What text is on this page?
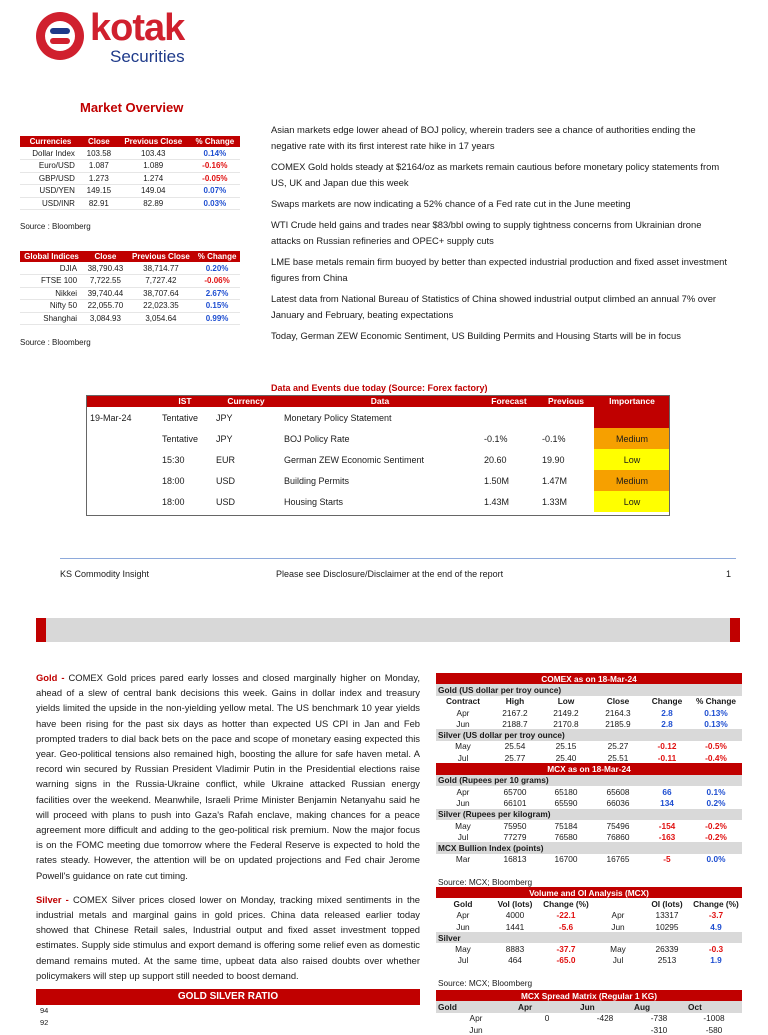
kotak
Securities
Market Overview
Currencies	Close	Previous Close	% Change
Dollar Index	103.58	103.43	0.14%
Euro/USD	1.087	1.089	-0.16%
GBP/USD	1.273	1.274	-0.05%
USD/YEN	149.15	149.04	0.07%
USD/INR	82.91	82.89	0.03%
Source : Bloomberg
Global Indices	Close	Previous Close	% Change
DJIA	38,790.43	38,714.77	0.20%
FTSE 100	7,722.55	7,727.42	-0.06%
Nikkei	39,740.44	38,707.64	2.67%
Nifty 50	22,055.70	22,023.35	0.15%
Shanghai	3,084.93	3,054.64	0.99%
Source : Bloomberg

Asian markets edge lower ahead of BOJ policy, wherein traders see a chance of authorities ending the negative rate with its first interest rate hike in 17 years

COMEX Gold holds steady at $2164/oz as markets remain cautious before monetary policy statements from US, UK and Japan due this week

Swaps markets are now indicating a 52% chance of a Fed rate cut in the June meeting

WTI Crude held gains and trades near $83/bbl owing to supply tightness concerns from Ukrainian drone attacks on Russian refineries and OPEC+ supply cuts

LME base metals remain firm buoyed by better than expected industrial production and fixed asset investment figures from China

Latest data from National Bureau of Statistics of China showed industrial output climbed an annual 7% over January and February, beating expectations

Today, German ZEW Economic Sentiment, US Building Permits and Housing Starts will be in focus

Data and Events due today (Source: Forex factory)
	IST	Currency	Data	Forecast	Previous	Importance
19-Mar-24	Tentative	JPY	Monetary Policy Statement			High
	Tentative	JPY	BOJ Policy Rate	-0.1%	-0.1%	Medium
	15:30	EUR	German ZEW Economic Sentiment	20.60	19.90	Low
	18:00	USD	Building Permits	1.50M	1.47M	Medium
	18:00	USD	Housing Starts	1.43M	1.33M	Low
KS Commodity Insight	Please see Disclosure/Disclaimer at the end of the report	1

Gold - COMEX Gold prices pared early losses and closed marginally higher on Monday, ahead of a slew of central bank decisions this week. Gains in dollar index and treasury yields limited the upside in the non-yielding yellow metal. The US benchmark 10 year yields have been rising for the past six days as hotter than expected US CPI in Jan and Feb prompted traders to dial back bets on the pace and scope of monetary easing expected this year. Geo-political tensions also remained high, boosting the allure for safe haven metal. A record win secured by Russian President Vladimir Putin in the Presidential elections raise warning signs in the Russia-Ukraine conflict, while Ukraine attacked Russian energy facilities over the weekend. Meanwhile, Israeli Prime Minister Benjamin Netanyahu said he will proceed with plans to push into Gaza's Rafah enclave, making chances for a peace agreement more difficult and adding to the geo-political risk premium. Now the major focus is on the FOMC meeting due tomorrow where the Federal Reserve is expected to hold the rates steady. However, the attention will be on updated projections and Fed chair Jerome Powell's guidance on rate cut timing.

Silver - COMEX Silver prices closed lower on Monday, tracking mixed sentiments in the industrial metals and marginal gains in gold prices. China data released earlier today showed that Chinese Retail sales, Industrial output and fixed asset investment topped estimates. Supply side stimulus and export demand is offering some relief even as domestic demand remains muted. At the same time, upbeat data also raised doubts over whether policymakers will step up support still needed to boost demand.

GOLD SILVER RATIO
94
92
COMEX as on 18-Mar-24					
Gold (US dollar per troy ounce)					
Contract	High	Low	Close	Change	% Change
Apr	2167.2	2149.2	2164.3	2.8	0.13%
Jun	2188.7	2170.8	2185.9	2.8	0.13%
Silver (US dollar per troy ounce)					
May	25.54	25.15	25.27	-0.12	-0.5%
Jul	25.77	25.40	25.51	-0.11	-0.4%
MCX as on 18-Mar-24					
Gold (Rupees per 10 grams)					
Apr	65700	65180	65608	66	0.1%
Jun	66101	65590	66036	134	0.2%
Silver (Rupees per kilogram)					
May	75950	75184	75496	-154	-0.2%
Jul	77279	76580	76860	-163	-0.2%
MCX Bullion Index (points)					
Mar	16813	16700	16765	-5	0.0%
Source: MCX; Bloomberg
Volume and OI Analysis (MCX)					
Gold	Vol (lots)	Change (%)		OI (lots)	Change (%)
Apr	4000	-22.1	Apr	13317	-3.7
Jun	1441	-5.6	Jun	10295	4.9
Silver					
May	8883	-37.7	May	26339	-0.3
Jul	464	-65.0	Jul	2513	1.9
Source: MCX; Bloomberg
MCX Spread Matrix (Regular 1 KG)				
Gold	Apr	Jun	Aug	Oct
Apr	0	-428	-738	-1008
Jun			-310	-580
